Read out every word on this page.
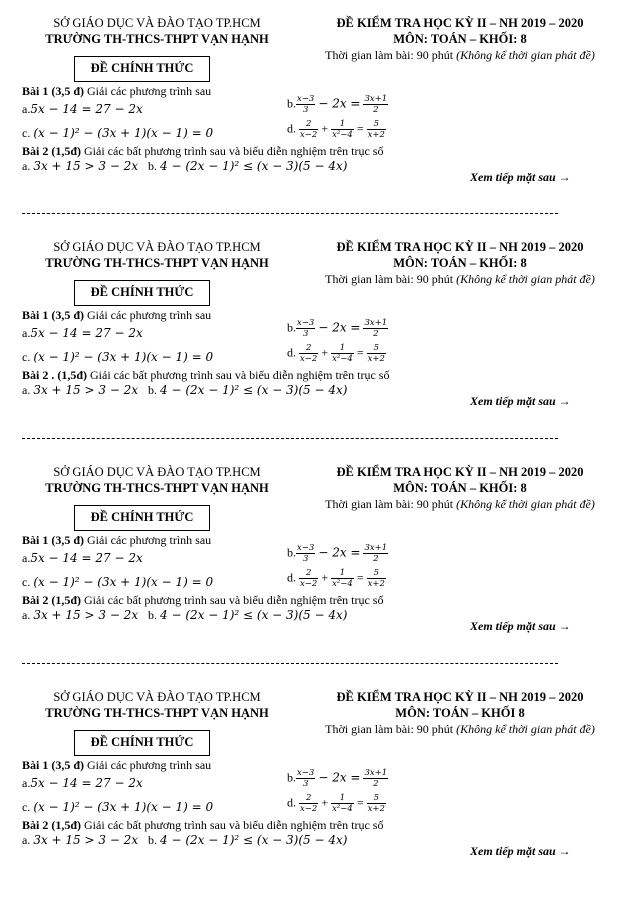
SỞ GIÁO DỤC VÀ ĐÀO TẠO TP.HCM
TRƯỜNG TH-THCS-THPT VẠN HẠNH
ĐỀ KIỂM TRA HỌC KỲ II – NH 2019 – 2020
MÔN: TOÁN – KHỐI: 8
Thời gian làm bài: 90 phút (Không kể thời gian phát đề)
ĐỀ CHÍNH THỨC
Bài 1 (3,5 đ) Giải các phương trình sau
a.5x − 14 = 27 − 2x	b. $\frac{x-3}{3} - 2x = \frac{3x+1}{2}$
c. (x − 1)² − (3x + 1)(x − 1) = 0	d. $\frac{2}{x-2} + \frac{1}{\text{x²−4}} = \frac{5}{x+2}$
Bài 2 (1,5đ) Giải các bất phương trình sau và biểu diễn nghiệm trên trục số
a. 3x + 15 > 3 − 2x b. 4 − (2x − 1)² ≤ (x − 3)(5 − 4x)
Xem tiếp mặt sau →
SỞ GIÁO DỤC VÀ ĐÀO TẠO TP.HCM
TRƯỜNG TH-THCS-THPT VẠN HẠNH
ĐỀ KIỂM TRA HỌC KỲ II – NH 2019 – 2020
MÔN: TOÁN – KHỐI: 8
Thời gian làm bài: 90 phút (Không kể thời gian phát đề)
ĐỀ CHÍNH THỨC
Bài 1 (3,5 đ) Giải các phương trình sau
a.5x − 14 = 27 − 2x	b. $\frac{x-3}{3} - 2x = \frac{3x+1}{2}$
c. (x − 1)² − (3x + 1)(x − 1) = 0	d. $\frac{2}{x-2} + \frac{1}{\text{x²−4}} = \frac{5}{x+2}$
Bài 2 . (1,5đ) Giải các bất phương trình sau và biểu diễn nghiệm trên trục số
a. 3x + 15 > 3 − 2x b. 4 − (2x − 1)² ≤ (x − 3)(5 − 4x)
Xem tiếp mặt sau →
SỞ GIÁO DỤC VÀ ĐÀO TẠO TP.HCM
TRƯỜNG TH-THCS-THPT VẠN HẠNH
ĐỀ KIỂM TRA HỌC KỲ II – NH 2019 – 2020
MÔN: TOÁN – KHỐI: 8
Thời gian làm bài: 90 phút (Không kể thời gian phát đề)
ĐỀ CHÍNH THỨC
Bài 1 (3,5 đ) Giải các phương trình sau
a.5x − 14 = 27 − 2x	b. $\frac{x-3}{3} - 2x = \frac{3x+1}{2}$
c. (x − 1)² − (3x + 1)(x − 1) = 0	d. $\frac{2}{x-2} + \frac{1}{\text{x²−4}} = \frac{5}{x+2}$
Bài 2 (1,5đ) Giải các bất phương trình sau và biểu diễn nghiệm trên trục số
a. 3x + 15 > 3 − 2x b. 4 − (2x − 1)² ≤ (x − 3)(5 − 4x)
Xem tiếp mặt sau →
SỞ GIÁO DỤC VÀ ĐÀO TẠO TP.HCM
TRƯỜNG TH-THCS-THPT VẠN HẠNH
ĐỀ KIỂM TRA HỌC KỲ II – NH 2019 – 2020
MÔN: TOÁN – KHỐI 8
Thời gian làm bài: 90 phút (Không kể thời gian phát đề)
ĐỀ CHÍNH THỨC
Bài 1 (3,5 đ) Giải các phương trình sau
a.5x − 14 = 27 − 2x	b. $\frac{x-3}{3} - 2x = \frac{3x+1}{2}$
c. (x − 1)² − (3x + 1)(x − 1) = 0	d. $\frac{2}{x-2} + \frac{1}{\text{x²−4}} = \frac{5}{x+2}$
Bài 2 (1,5đ) Giải các bất phương trình sau và biểu diễn nghiệm trên trục số
a. 3x + 15 > 3 − 2x b. 4 − (2x − 1)² ≤ (x − 3)(5 − 4x)
Xem tiếp mặt sau →
